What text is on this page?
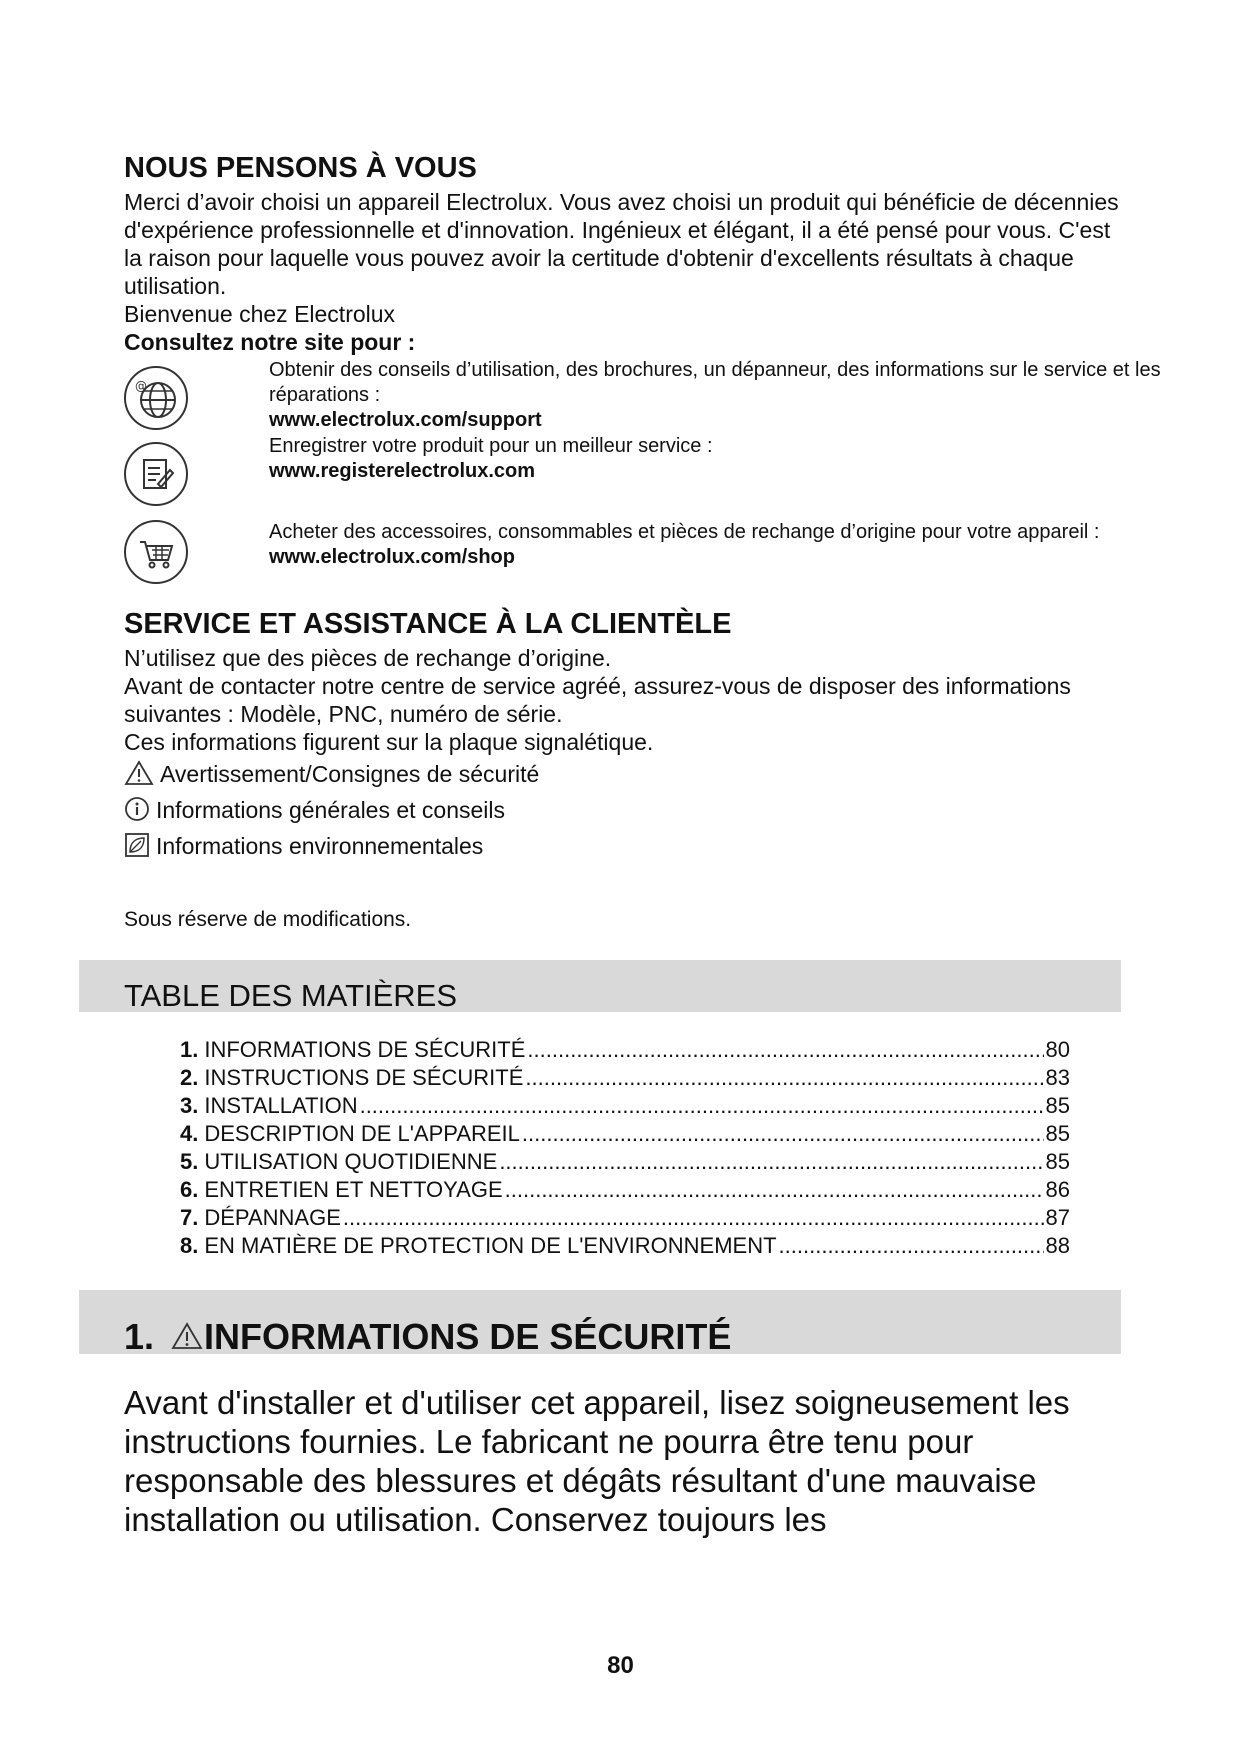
NOUS PENSONS À VOUS

Merci d’avoir choisi un appareil Electrolux. Vous avez choisi un produit qui bénéficie de décennies d'expérience professionnelle et d'innovation. Ingénieux et élégant, il a été pensé pour vous. C'est la raison pour laquelle vous pouvez avoir la certitude d'obtenir d'excellents résultats à chaque utilisation.

Bienvenue chez Electrolux

Consultez notre site pour :

@
Obtenir des conseils d’utilisation, des brochures, un dépanneur, des informations sur le service et les réparations :
www.electrolux.com/support
Enregistrer votre produit pour un meilleur service :
www.registerelectrolux.com
Acheter des accessoires, consommables et pièces de rechange d’origine pour votre appareil :
www.electrolux.com/shop
SERVICE ET ASSISTANCE À LA CLIENTÈLE
N’utilisez que des pièces de rechange d’origine.
Avant de contacter notre centre de service agréé, assurez-vous de disposer des informations suivantes : Modèle, PNC, numéro de série.
Ces informations figurent sur la plaque signalétique.
Avertissement/Consignes de sécurité
Informations générales et conseils
Informations environnementales
Sous réserve de modifications.
TABLE DES MATIÈRES
1. INFORMATIONS DE SÉCURITÉ .....	80
2. INSTRUCTIONS DE SÉCURITÉ .....	83
3. INSTALLATION .....	85
4. DESCRIPTION DE L'APPAREIL .....	85
5. UTILISATION QUOTIDIENNE .....	85
6. ENTRETIEN ET NETTOYAGE .....	86
7. DÉPANNAGE .....	87
8. EN MATIÈRE DE PROTECTION DE L'ENVIRONNEMENT .....	88
1. INFORMATIONS DE SÉCURITÉ

Avant d'installer et d'utiliser cet appareil, lisez soigneusement les instructions fournies. Le fabricant ne pourra être tenu pour responsable des blessures et dégâts résultant d'une mauvaise installation ou utilisation. Conservez toujours les

80
